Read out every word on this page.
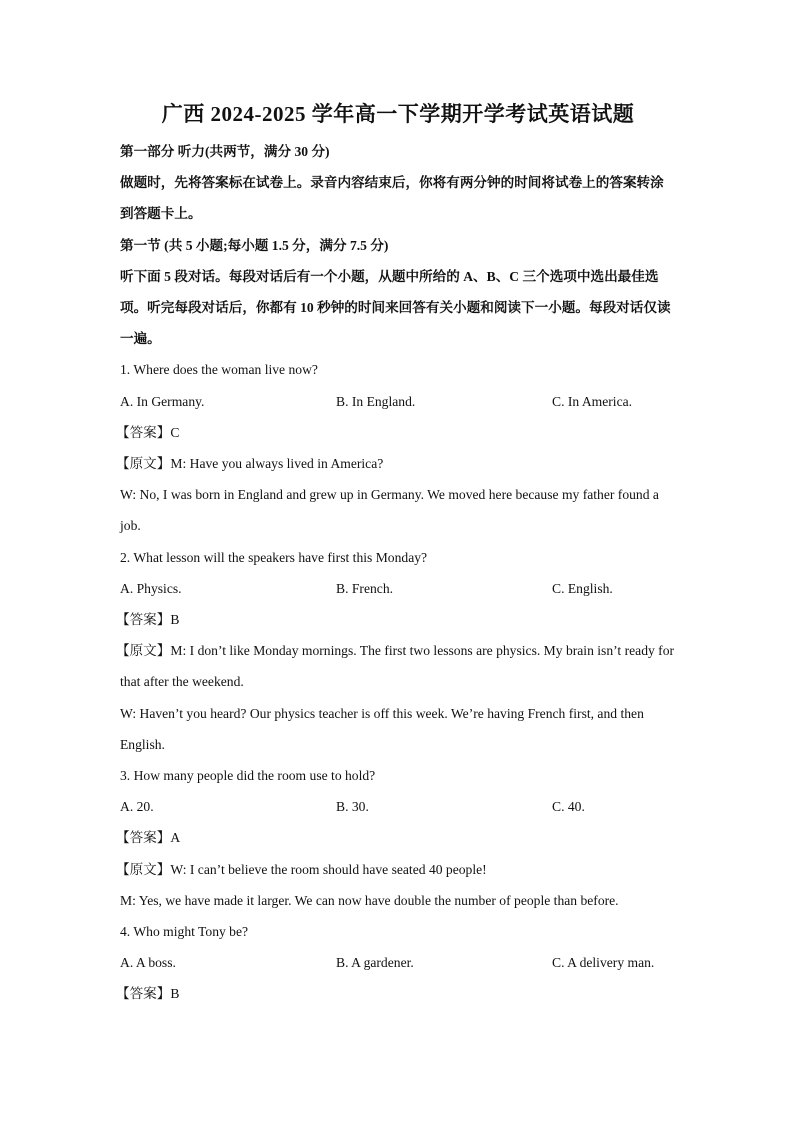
广西 2024-2025 学年高一下学期开学考试英语试题

第一部分 听力(共两节，满分 30 分)

做题时，先将答案标在试卷上。录音内容结束后，你将有两分钟的时间将试卷上的答案转涂到答题卡上。

第一节 (共 5 小题;每小题 1.5 分，满分 7.5 分)

听下面 5 段对话。每段对话后有一个小题，从题中所给的 A、B、C 三个选项中选出最佳选项。听完每段对话后，你都有 10 秒钟的时间来回答有关小题和阅读下一小题。每段对话仅读一遍。

1. Where does the woman live now?

A. In Germany.	B. In England.	C. In America.

【答案】C

【原文】M: Have you always lived in America?

W: No, I was born in England and grew up in Germany. We moved here because my father found a job.

2. What lesson will the speakers have first this Monday?

A. Physics.	B. French.	C. English.

【答案】B

【原文】M: I don’t like Monday mornings. The first two lessons are physics. My brain isn’t ready for that after the weekend.

W: Haven’t you heard? Our physics teacher is off this week. We’re having French first, and then English.

3. How many people did the room use to hold?

A. 20.	B. 30.	C. 40.

【答案】A

【原文】W: I can’t believe the room should have seated 40 people!

M: Yes, we have made it larger. We can now have double the number of people than before.

4. Who might Tony be?

A. A boss.	B. A gardener.	C. A delivery man.

【答案】B
